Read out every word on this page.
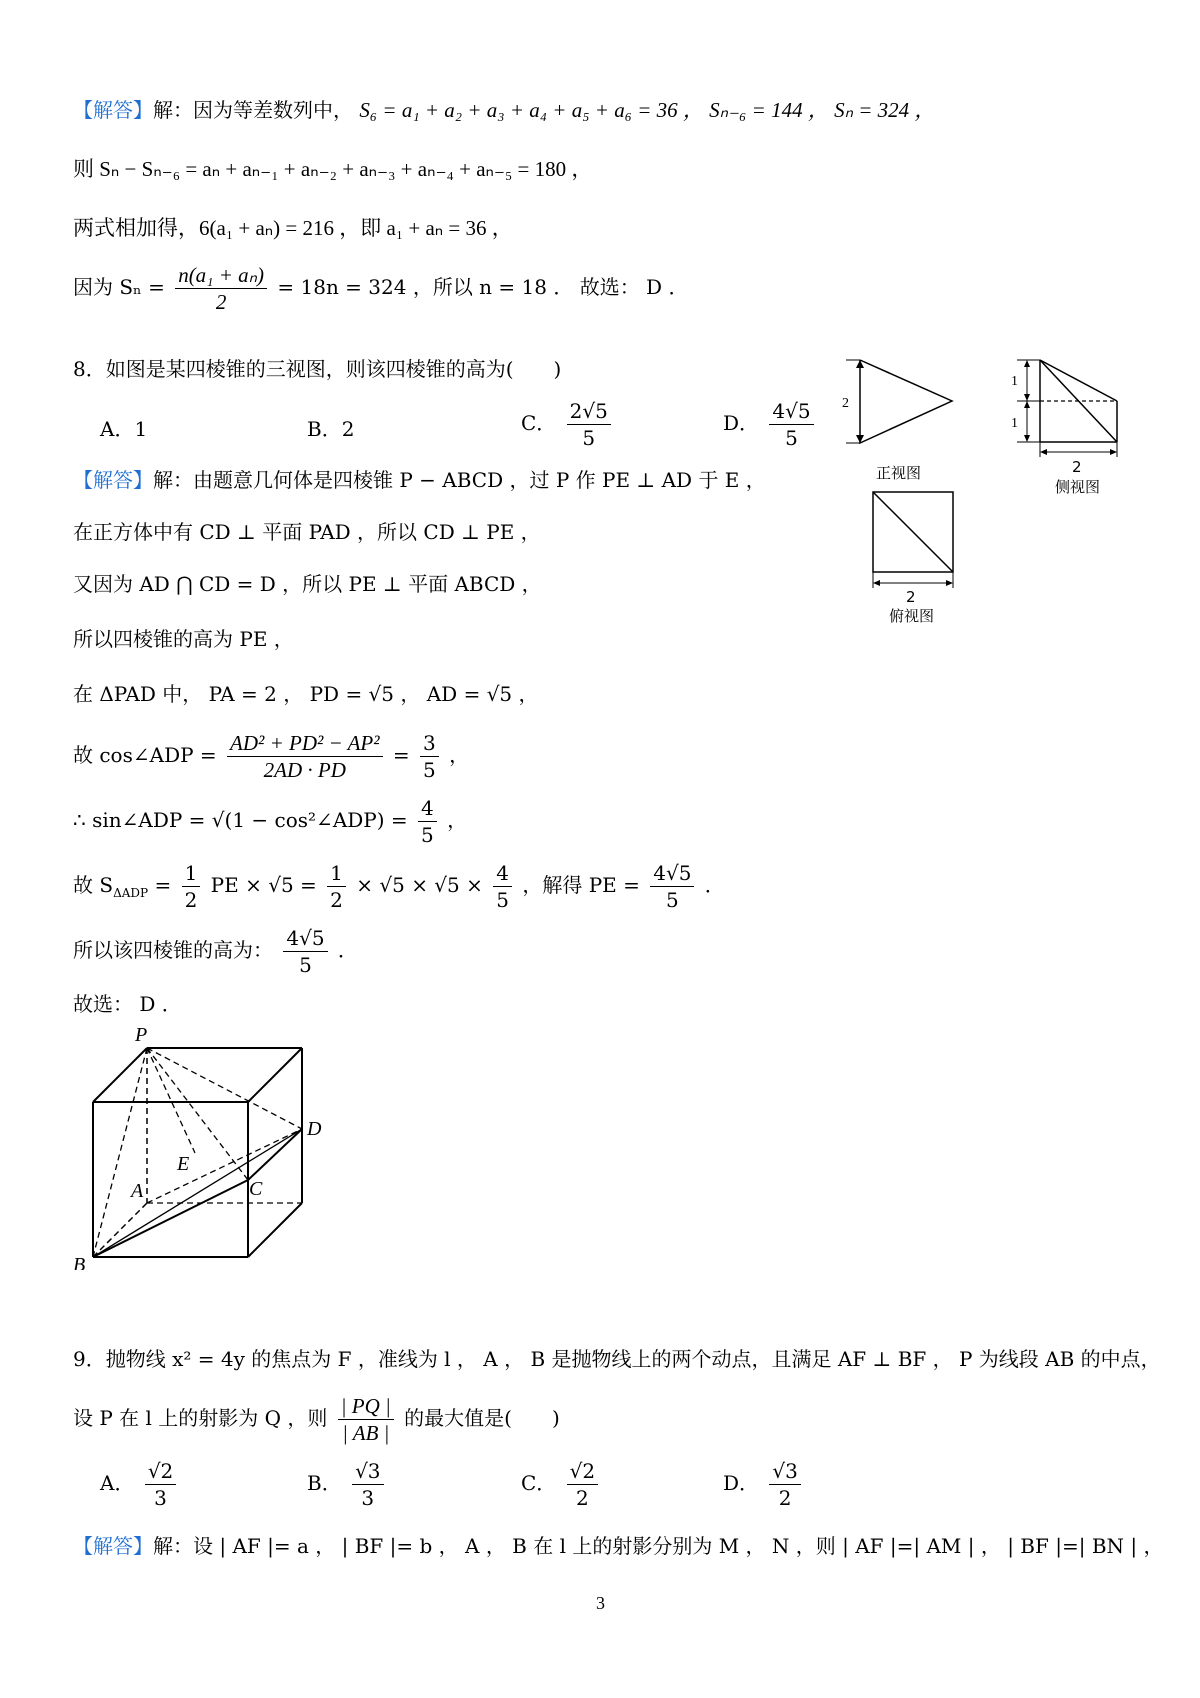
【解答】解：因为等差数列中， S₆ = a₁ + a₂ + a₃ + a₄ + a₅ + a₆ = 36 ， Sₙ₋₆ = 144 ， Sₙ = 324 ，
则 Sₙ − Sₙ₋₆ = aₙ + aₙ₋₁ + aₙ₋₂ + aₙ₋₃ + aₙ₋₄ + aₙ₋₅ = 180 ，
两式相加得，6(a₁ + aₙ) = 216 ，即 a₁ + aₙ = 36 ，
因为 $S_n = \frac{\text{n(a₁ + aₙ)}}{2} = 18n = 324$ ，所以 n = 18 ． 故选： D ．
8．如图是某四棱锥的三视图，则该四棱锥的高为(　　)
A．1	B．2	C． $\frac{2√5}{5}$	D． $\frac{4√5}{5}$
【解答】解：由题意几何体是四棱锥 P − ABCD ，过 P 作 PE ⊥ AD 于 E ，
在正方体中有 CD ⊥ 平面 PAD ，所以 CD ⊥ PE ，
又因为 AD ⋂ CD = D ，所以 PE ⊥ 平面 ABCD ，
所以四棱锥的高为 PE ，
在 ΔPAD 中， PA = 2 ， PD = √5 ， AD = √5 ，
故 cos∠ADP = $\frac{\text{AD² + PD² − AP²}}{2AD \cdot PD} = \frac{3}{5}$ ，
∴ sin∠ADP = √(1 − cos²∠ADP) = $\frac{4}{5}$ ，
故 $S_{\Delta ADP} = \frac{1}{2}$ PE × $√5 = \frac{1}{2} \times √5 \times √5 \times \frac{4}{5}$ ，解得 PE = $\frac{4√5}{5}$ ．
所以该四棱锥的高为： $\frac{4√5}{5}$ ．
故选： D ．
2
正视图
1
1
2
侧视图
2
俯视图
P
D
E
A	C
B
9．抛物线 x² = 4y 的焦点为 F ，准线为 l ， A ， B 是抛物线上的两个动点，且满足 AF ⊥ BF ， P 为线段 AB 的中点，
设 P 在 l 上的射影为 Q ，则 $\frac{| PQ |}{| AB |}$ 的最大值是(　　)
A． $\frac{√2}{3}$	B． $\frac{√3}{3}$	C． $\frac{√2}{2}$	D． $\frac{√3}{2}$
【解答】解：设 | AF |= a ， | BF |= b ， A ， B 在 l 上的射影分别为 M ， N ，则 | AF |=| AM | ， | BF |=| BN | ，
3
